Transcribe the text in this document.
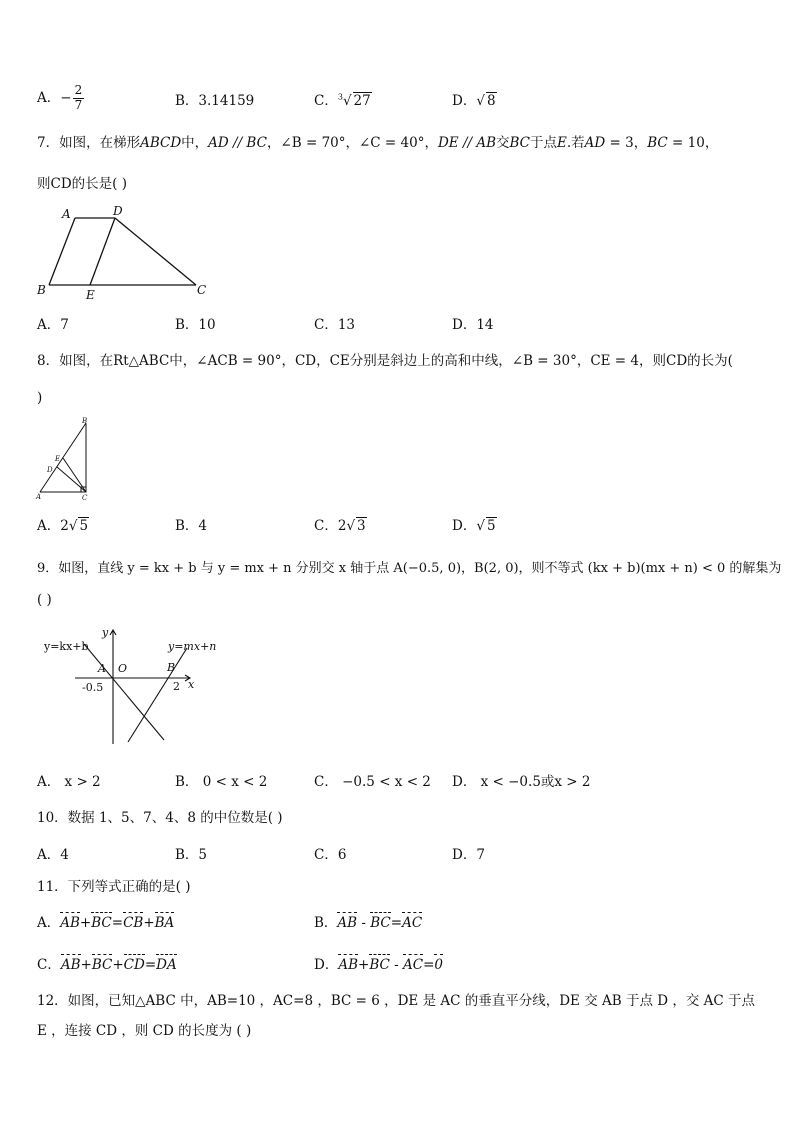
A．− $\frac{2}{7}$	B．3.14159	C．$^3$√ 27	D．√ 8
7．如图，在梯形ABCD中，AD // BC，∠B = 70°，∠C = 40°，DE // AB交BC于点E.若AD = 3，BC = 10，
则CD的长是( )
A	D
B	E	C
A．7	B．10	C．13	D．14
8．如图，在Rt△ABC中，∠ACB = 90°，CD，CE分别是斜边上的高和中线，∠B = 30°，CE = 4，则CD的长为(
)
B
A	C
D
E
A．2√ 5	B．4	C．2√ 3	D．√ 5
9．如图，直线 y = kx + b 与 y = mx + n 分别交 x 轴于点 A(−0.5, 0)，B(2, 0)，则不等式 (kx + b)(mx + n) < 0 的解集为
( )
y=kx+b	y=mx+n
y
x
A O	B
-0.5	2
A． x > 2	B． 0 < x < 2	C． −0.5 < x < 2 D． x < −0.5或x > 2
10．数据 1、5、7、4、8 的中位数是( )
A．4	B．5	C．6	D．7
11．下列等式正确的是( )
A．AB+BC=CB+BA	B．AB - BC=AC
C．AB+BC+CD=DA	D．AB+BC - AC=0
12．如图，已知△ABC 中，AB=10 ，AC=8 ，BC = 6 ，DE 是 AC 的垂直平分线，DE 交 AB 于点 D ，交 AC 于点
E ，连接 CD ，则 CD 的长度为 ( )
